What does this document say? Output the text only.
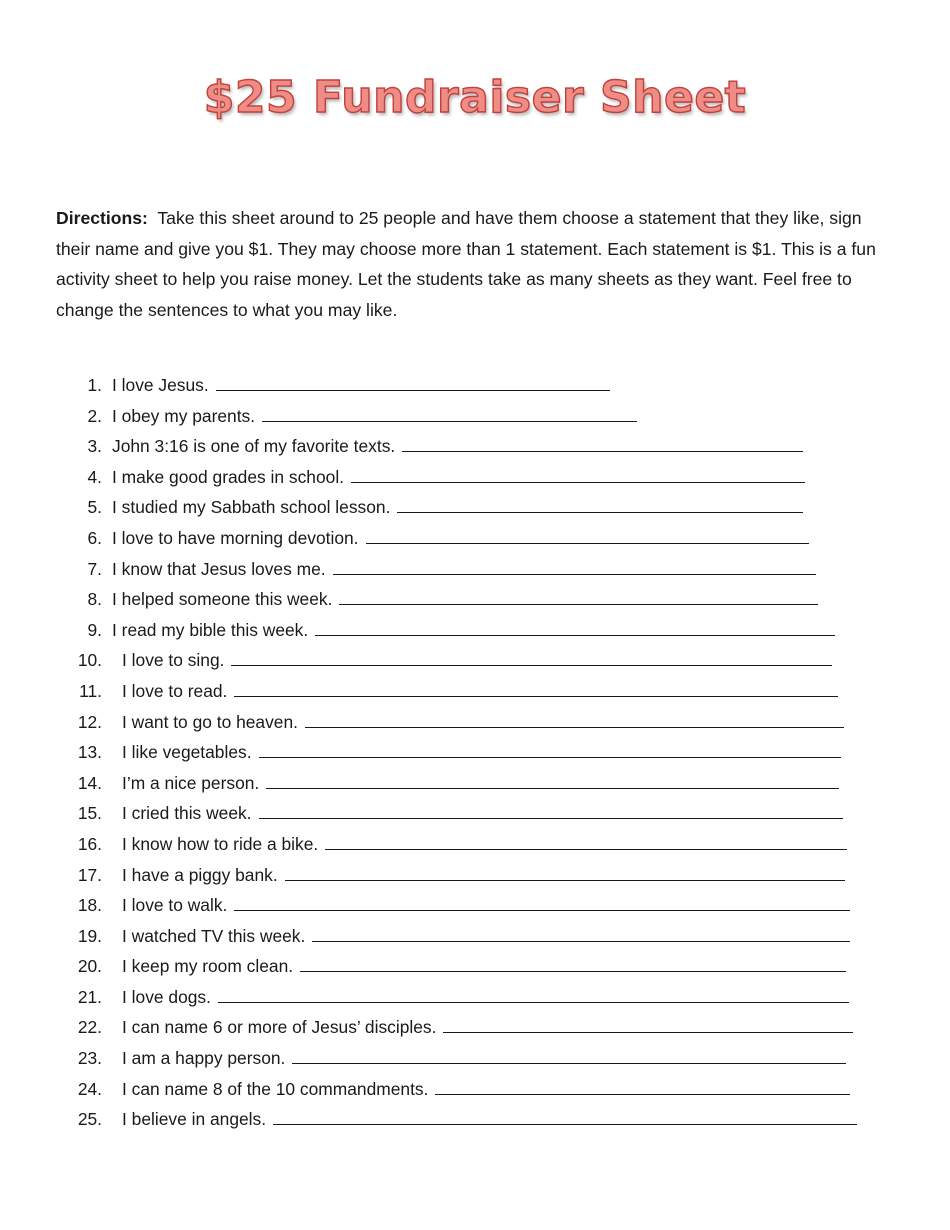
$25 Fundraiser Sheet
Directions: Take this sheet around to 25 people and have them choose a statement that they like, sign their name and give you $1. They may choose more than 1 statement. Each statement is $1. This is a fun activity sheet to help you raise money. Let the students take as many sheets as they want. Feel free to change the sentences to what you may like.
1. I love Jesus.
2. I obey my parents.
3. John 3:16 is one of my favorite texts.
4. I make good grades in school.
5. I studied my Sabbath school lesson.
6. I love to have morning devotion.
7. I know that Jesus loves me.
8. I helped someone this week.
9. I read my bible this week.
10. I love to sing.
11. I love to read.
12. I want to go to heaven.
13. I like vegetables.
14. I’m a nice person.
15. I cried this week.
16. I know how to ride a bike.
17. I have a piggy bank.
18. I love to walk.
19. I watched TV this week.
20. I keep my room clean.
21. I love dogs.
22. I can name 6 or more of Jesus’ disciples.
23. I am a happy person.
24. I can name 8 of the 10 commandments.
25. I believe in angels.
